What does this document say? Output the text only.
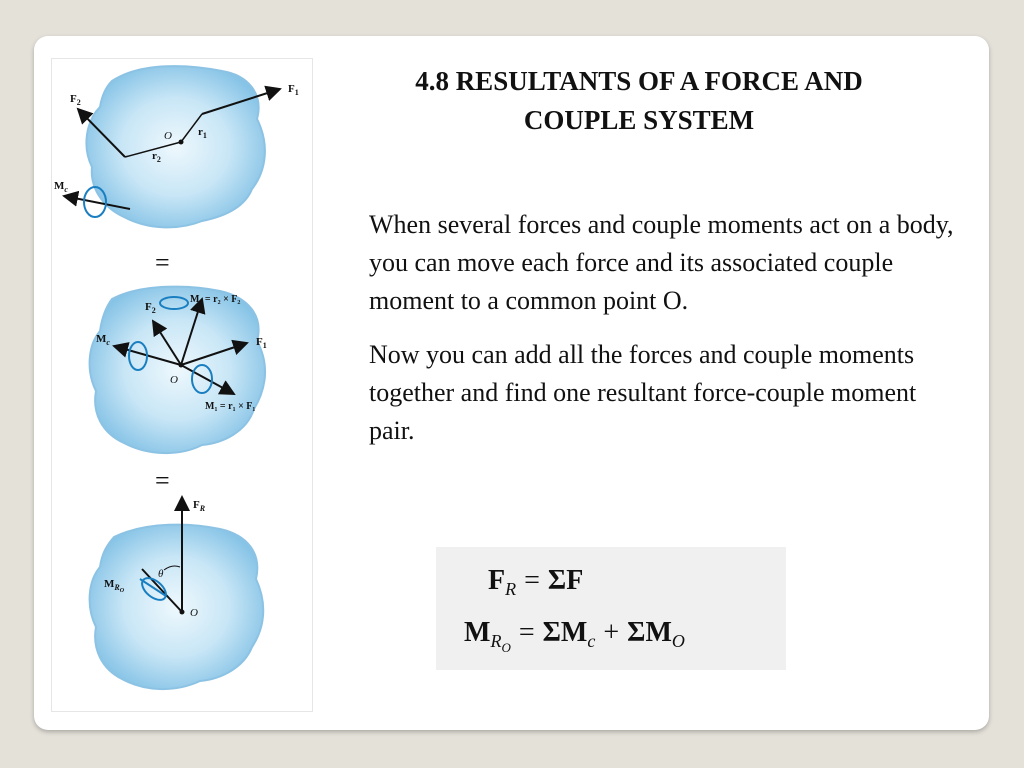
$F_2$
$F_1$
O $r_1$
$r_2$
$M_c$
=
M₂ = r₂ × F₂
$F_2$
$F_1$
$M_c$
O
M₁ = r₁ × F₁
=
$F_R$
θ
$M_RO$
O
4.8 RESULTANTS OF A FORCE AND
COUPLE SYSTEM

When several forces and couple moments act on a body, you can move each force and its associated couple moment to a common point O.

Now you can add all the forces and couple moments together and find one resultant force-couple moment pair.

$F_R = \Sigma F$
$M_RO = \Sigma M_c + \Sigma M_O$
